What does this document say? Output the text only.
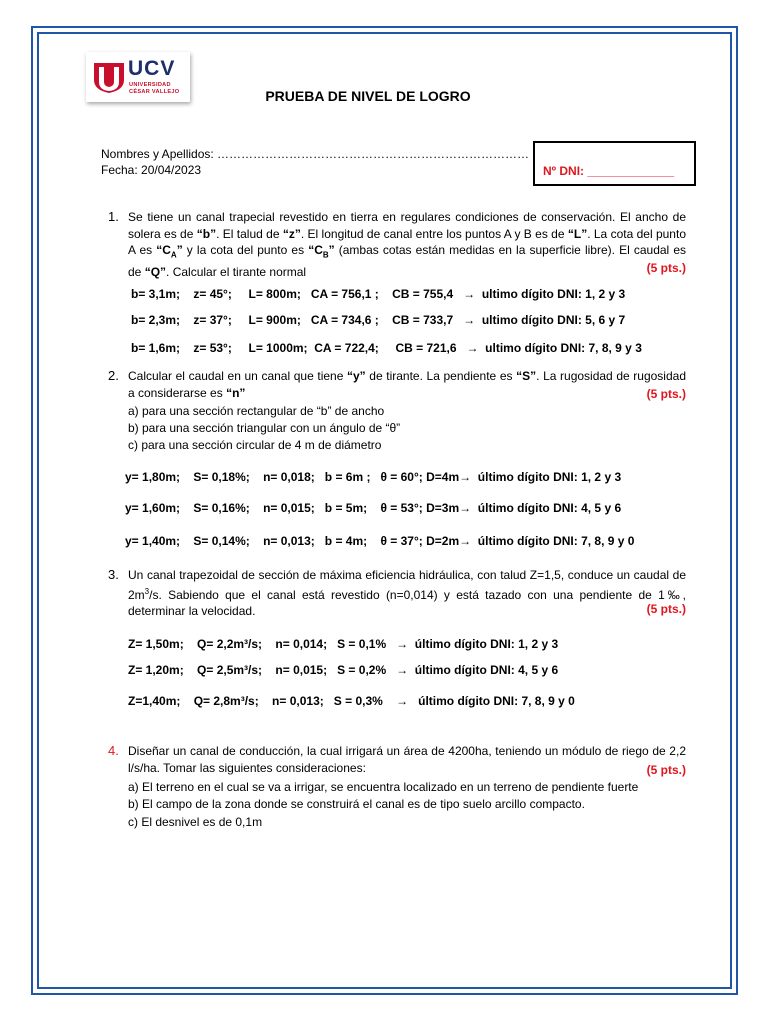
UCV
UNIVERSIDAD
CÉSAR VALLEJO	PRUEBA DE NIVEL DE LOGRO
Nombres y Apellidos: ……………………………………………………………………
Fecha: 20/04/2023	Nº DNI: _____________
1. Se tiene un canal trapecial revestido en tierra en regulares condiciones de conservación. El ancho de solera es de “b”. El talud de “z”. El longitud de canal entre los puntos A y B es de “L”. La cota del punto A es “$C_A$” y la cota del punto es “$C_B$” (ambas cotas están medidas en la superficie libre). El caudal es de “Q”. Calcular el tirante normal	(5 pts.)
b= 3,1m;    z= 45°;     L= 800m;   CA = 756,1 ;    CB = 755,4   →  ultimo dígito DNI: 1, 2 y 3
b= 2,3m;    z= 37°;     L= 900m;   CA = 734,6 ;    CB = 733,7   →  ultimo dígito DNI: 5, 6 y 7
b= 1,6m;    z= 53°;     L= 1000m;  CA = 722,4;     CB = 721,6   →  ultimo dígito DNI: 7, 8, 9 y 3
2. Calcular el caudal en un canal que tiene “y” de tirante. La pendiente es “S”. La rugosidad de rugosidad a considerarse es “n”	(5 pts.)
a) para una sección rectangular de “b” de ancho
b) para una sección triangular con un ángulo de “θ”
c) para una sección circular de 4 m de diámetro
y= 1,80m;    S= 0,18%;    n= 0,018;   b = 6m ;   θ = 60°; D=4m→  último dígito DNI: 1, 2 y 3
y= 1,60m;    S= 0,16%;    n= 0,015;   b = 5m;    θ = 53°; D=3m→  último dígito DNI: 4, 5 y 6
y= 1,40m;    S= 0,14%;    n= 0,013;   b = 4m;    θ = 37°; D=2m→  último dígito DNI: 7, 8, 9 y 0
3. Un canal trapezoidal de sección de máxima eficiencia hidráulica, con talud Z=1,5, conduce un caudal de $2m^3/s$. Sabiendo que el canal está revestido (n=0,014) y está tazado con una pendiente de 1‰, determinar la velocidad.	(5 pts.)
Z= 1,50m;    Q= 2,2m³/s;    n= 0,014;   S = 0,1%   →  último dígito DNI: 1, 2 y 3
Z= 1,20m;    Q= 2,5m³/s;    n= 0,015;   S = 0,2%   →  último dígito DNI: 4, 5 y 6
Z=1,40m;    Q= 2,8m³/s;    n= 0,013;   S = 0,3%    →   último dígito DNI: 7, 8, 9 y 0
4. Diseñar un canal de conducción, la cual irrigará un área de 4200ha, teniendo un módulo de riego de 2,2 l/s/ha. Tomar las siguientes consideraciones:	(5 pts.)
a) El terreno en el cual se va a irrigar, se encuentra localizado en un terreno de pendiente fuerte
b) El campo de la zona donde se construirá el canal es de tipo suelo arcillo compacto.
c) El desnivel es de 0,1m
